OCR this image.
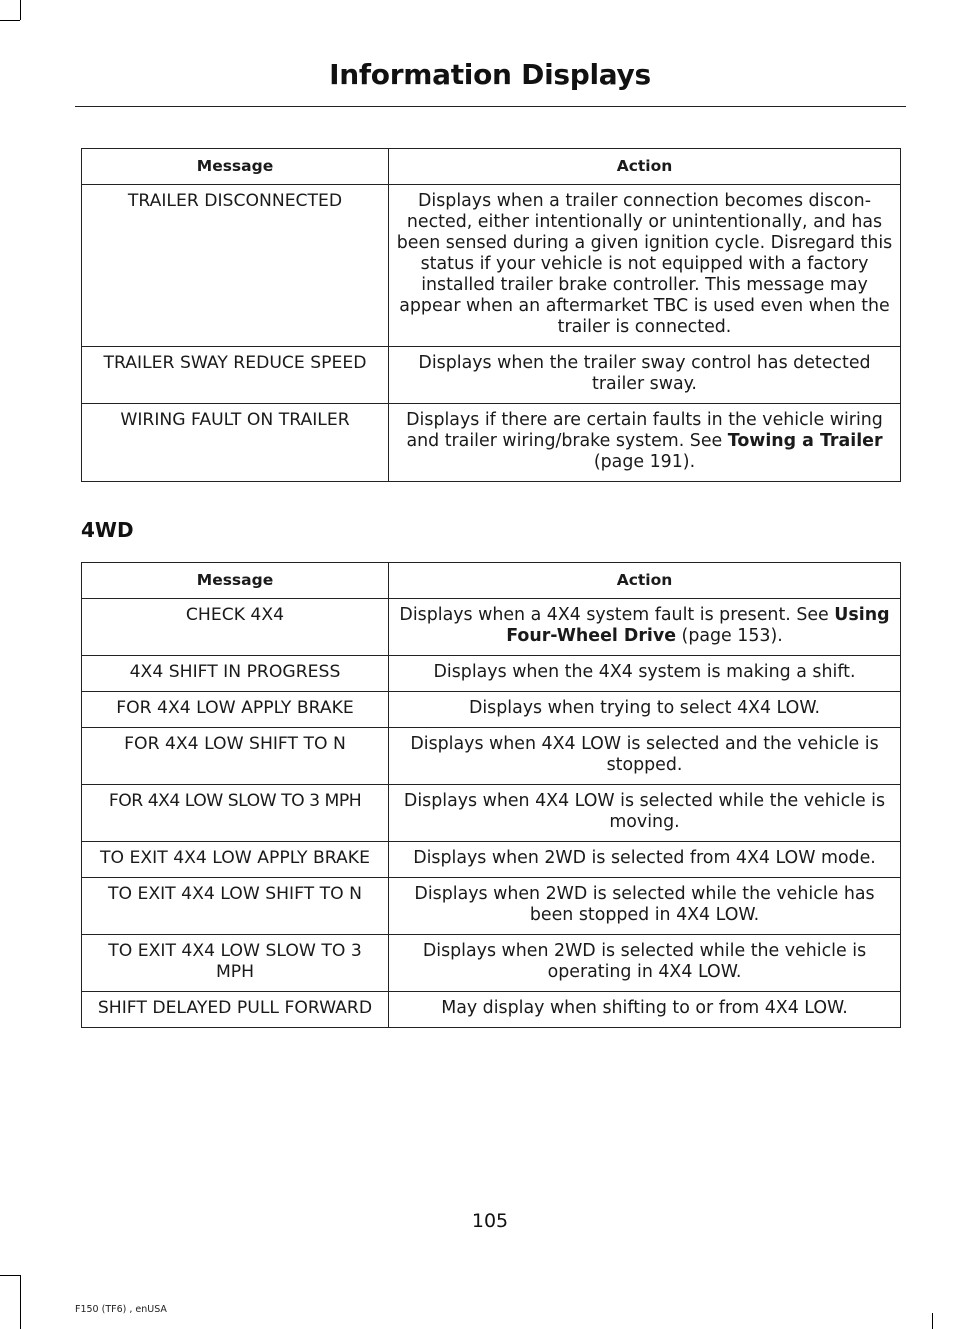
Information Displays
Message	Action
TRAILER DISCONNECTED	Displays when a trailer connection becomes discon-nected, either intentionally or unintentionally, and has been sensed during a given ignition cycle. Disregard this status if your vehicle is not equipped with a factory installed trailer brake controller. This message may appear when an aftermarket TBC is used even when the trailer is connected.
TRAILER SWAY REDUCE SPEED	Displays when the trailer sway control has detected trailer sway.
WIRING FAULT ON TRAILER	Displays if there are certain faults in the vehicle wiring and trailer wiring/brake system. See Towing a Trailer (page 191).
4WD
Message	Action
CHECK 4X4	Displays when a 4X4 system fault is present. See Using Four-Wheel Drive (page 153).
4X4 SHIFT IN PROGRESS	Displays when the 4X4 system is making a shift.
FOR 4X4 LOW APPLY BRAKE	Displays when trying to select 4X4 LOW.
FOR 4X4 LOW SHIFT TO N	Displays when 4X4 LOW is selected and the vehicle is stopped.
FOR 4X4 LOW SLOW TO 3 MPH	Displays when 4X4 LOW is selected while the vehicle is moving.
TO EXIT 4X4 LOW APPLY BRAKE	Displays when 2WD is selected from 4X4 LOW mode.
TO EXIT 4X4 LOW SHIFT TO N	Displays when 2WD is selected while the vehicle has been stopped in 4X4 LOW.
TO EXIT 4X4 LOW SLOW TO 3 MPH	Displays when 2WD is selected while the vehicle is operating in 4X4 LOW.
SHIFT DELAYED PULL FORWARD	May display when shifting to or from 4X4 LOW.
105
F150 (TF6) , enUSA
